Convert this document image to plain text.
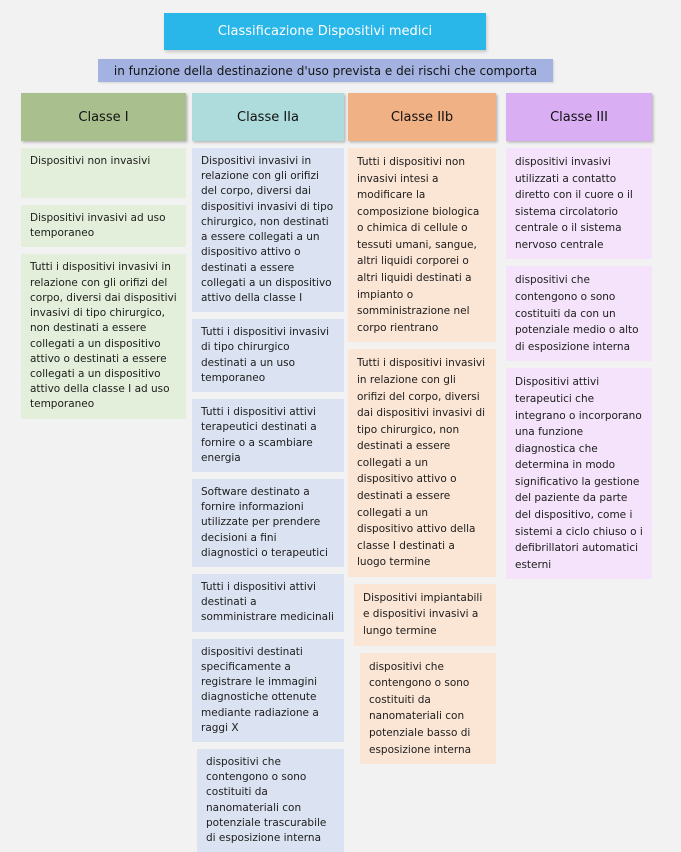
Classificazione Dispositivi medici
in funzione della destinazione d'uso prevista e dei rischi che comporta
Classe I
Dispositivi non invasivi
Dispositivi invasivi ad uso temporaneo
Tutti i dispositivi invasivi in relazione con gli orifizi del corpo, diversi dai dispositivi invasivi di tipo chirurgico, non destinati a essere collegati a un dispositivo attivo o destinati a essere collegati a un dispositivo attivo della classe I ad uso temporaneo
Classe IIa
Dispositivi invasivi in relazione con gli orifizi del corpo, diversi dai dispositivi invasivi di tipo chirurgico, non destinati a essere collegati a un dispositivo attivo o destinati a essere collegati a un dispositivo attivo della classe I
Tutti i dispositivi invasivi di tipo chirurgico destinati a un uso temporaneo
Tutti i dispositivi attivi terapeutici destinati a fornire o a scambiare energia
Software destinato a fornire informazioni utilizzate per prendere decisioni a fini diagnostici o terapeutici
Tutti i dispositivi attivi destinati a somministrare medicinali
dispositivi destinati specificamente a registrare le immagini diagnostiche ottenute mediante radiazione a raggi X
dispositivi che contengono o sono costituiti da nanomateriali con potenziale trascurabile di esposizione interna
Classe IIb
Tutti i dispositivi non invasivi intesi a modificare la composizione biologica o chimica di cellule o tessuti umani, sangue, altri liquidi corporei o altri liquidi destinati a impianto o somministrazione nel corpo rientrano
Tutti i dispositivi invasivi in relazione con gli orifizi del corpo, diversi dai dispositivi invasivi di tipo chirurgico, non destinati a essere collegati a un dispositivo attivo o destinati a essere collegati a un dispositivo attivo della classe I destinati a luogo termine
Dispositivi impiantabili e dispositivi invasivi a lungo termine
dispositivi che contengono o sono costituiti da nanomateriali con potenziale basso di esposizione interna
Classe III
dispositivi invasivi utilizzati a contatto diretto con il cuore o il sistema circolatorio centrale o il sistema nervoso centrale
dispositivi che contengono o sono costituiti da con un potenziale medio o alto di esposizione interna
Dispositivi attivi terapeutici che integrano o incorporano una funzione diagnostica che determina in modo significativo la gestione del paziente da parte del dispositivo, come i sistemi a ciclo chiuso o i defibrillatori automatici esterni
